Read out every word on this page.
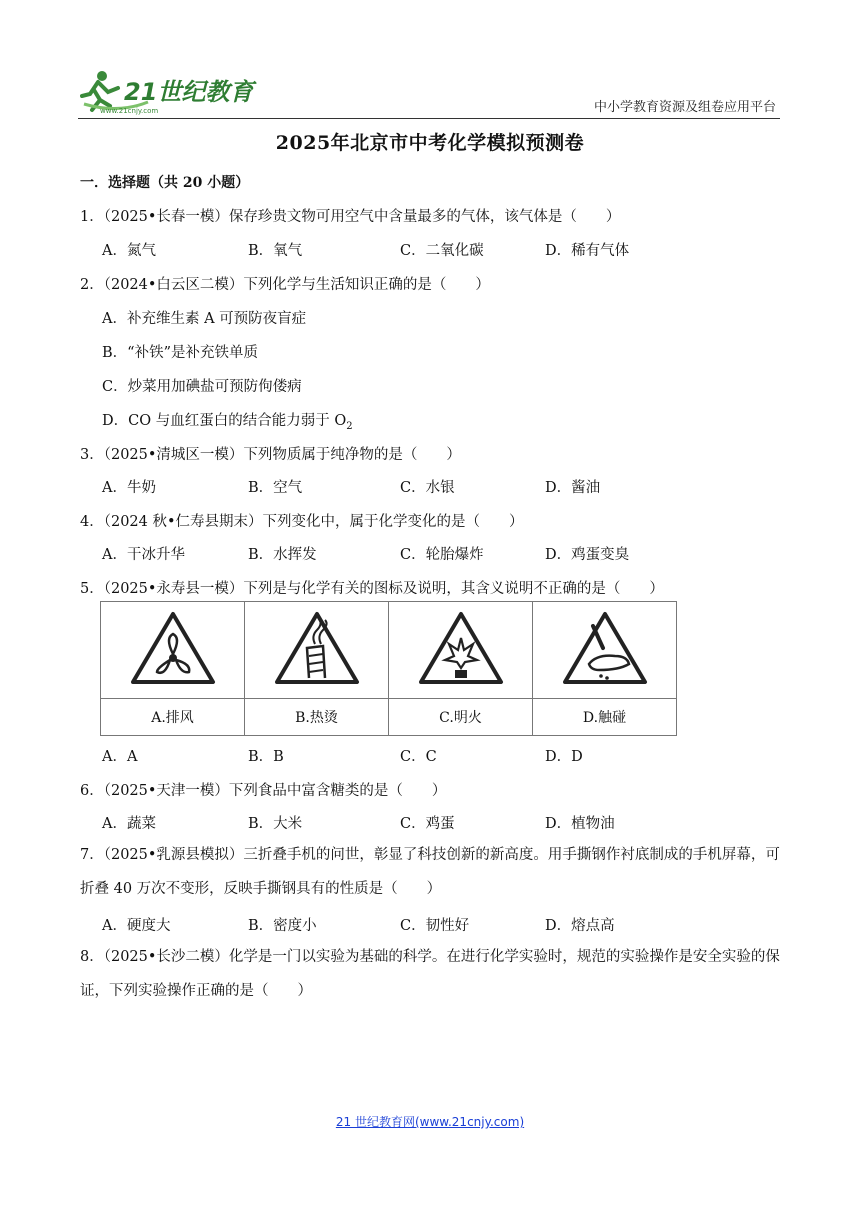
21世纪教育
www.21cnjy.com	中小学教育资源及组卷应用平台
2025年北京市中考化学模拟预测卷
一．选择题（共 20 小题）
1．（2025•长春一模）保存珍贵文物可用空气中含量最多的气体，该气体是（　　）
A．氮气	B．氧气	C．二氧化碳	D．稀有气体
2．（2024•白云区二模）下列化学与生活知识正确的是（　　）
A．补充维生素 A 可预防夜盲症
B．“补铁”是补充铁单质
C．炒菜用加碘盐可预防佝偻病
D．CO 与血红蛋白的结合能力弱于 $O_2$
3．（2025•清城区一模）下列物质属于纯净物的是（　　）
A．牛奶	B．空气	C．水银	D．酱油
4．（2024 秋•仁寿县期末）下列变化中，属于化学变化的是（　　）
A．干冰升华	B．水挥发	C．轮胎爆炸	D．鸡蛋变臭
5．（2025•永寿县一模）下列是与化学有关的图标及说明，其含义说明不正确的是（　　）

A.排风	B.热烫	C.明火	D.触碰
A．A	B．B	C．C	D．D
6．（2025•天津一模）下列食品中富含糖类的是（　　）
A．蔬菜	B．大米	C．鸡蛋	D．植物油
7．（2025•乳源县模拟）三折叠手机的问世，彰显了科技创新的新高度。用手撕钢作衬底制成的手机屏幕，可折叠 40 万次不变形，反映手撕钢具有的性质是（　　）
A．硬度大	B．密度小	C．韧性好	D．熔点高
8．（2025•长沙二模）化学是一门以实验为基础的科学。在进行化学实验时，规范的实验操作是安全实验的保证，下列实验操作正确的是（　　）
21 世纪教育网(www.21cnjy.com)
